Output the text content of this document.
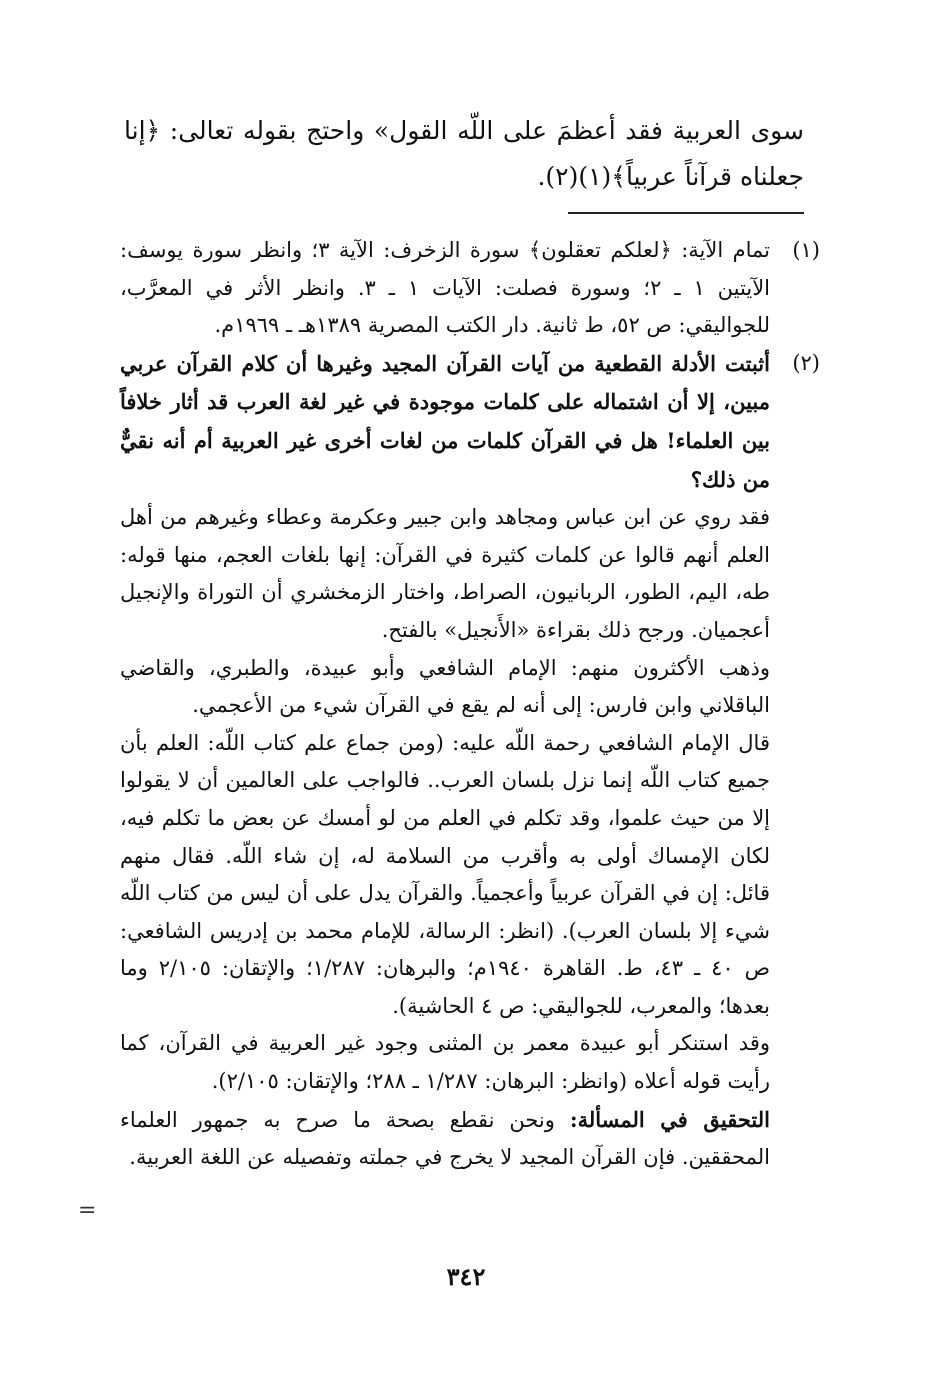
سوى العربية فقد أعظمَ على اللّه القول» واحتج بقوله تعالى: ﴿إنا جعلناه قرآناً عربياً﴾(١)(٢).

(١)
تمام الآية: ﴿لعلكم تعقلون﴾ سورة الزخرف: الآية ٣؛ وانظر سورة يوسف: الآيتين ١ ـ ٢؛ وسورة فصلت: الآيات ١ ـ ٣. وانظر الأثر في المعرَّب، للجواليقي: ص ٥٢، ط ثانية. دار الكتب المصرية ١٣٨٩هـ ـ ١٩٦٩م.

(٢)
أثبتت الأدلة القطعية من آيات القرآن المجيد وغيرها أن كلام القرآن عربي مبين، إلا أن اشتماله على كلمات موجودة في غير لغة العرب قد أثار خلافاً بين العلماء! هل في القرآن كلمات من لغات أخرى غير العربية أم أنه نقيٌّ من ذلك؟

فقد روي عن ابن عباس ومجاهد وابن جبير وعكرمة وعطاء وغيرهم من أهل العلم أنهم قالوا عن كلمات كثيرة في القرآن: إنها بلغات العجم، منها قوله: طه، اليم، الطور، الربانيون، الصراط، واختار الزمخشري أن التوراة والإنجيل أعجميان. ورجح ذلك بقراءة «الأَنجيل» بالفتح.

وذهب الأكثرون منهم: الإمام الشافعي وأبو عبيدة، والطبري، والقاضي الباقلاني وابن فارس: إلى أنه لم يقع في القرآن شيء من الأعجمي.

قال الإمام الشافعي رحمة اللّه عليه: (ومن جماع علم كتاب اللّه: العلم بأن جميع كتاب اللّه إنما نزل بلسان العرب.. فالواجب على العالمين أن لا يقولوا إلا من حيث علموا، وقد تكلم في العلم من لو أمسك عن بعض ما تكلم فيه، لكان الإمساك أولى به وأقرب من السلامة له، إن شاء اللّه. فقال منهم قائل: إن في القرآن عربياً وأعجمياً. والقرآن يدل على أن ليس من كتاب اللّه شيء إلا بلسان العرب). (انظر: الرسالة، للإمام محمد بن إدريس الشافعي: ص ٤٠ ـ ٤٣، ط. القاهرة ١٩٤٠م؛ والبرهان: ١/٢٨٧؛ والإتقان: ٢/١٠٥ وما بعدها؛ والمعرب، للجواليقي: ص ٤ الحاشية).

وقد استنكر أبو عبيدة معمر بن المثنى وجود غير العربية في القرآن، كما رأيت قوله أعلاه (وانظر: البرهان: ١/٢٨٧ ـ ٢٨٨؛ والإتقان: ٢/١٠٥).

التحقيق في المسألة: ونحن نقطع بصحة ما صرح به جمهور العلماء المحققين. فإن القرآن المجيد لا يخرج في جملته وتفصيله عن اللغة العربية.

=
٣٤٢
